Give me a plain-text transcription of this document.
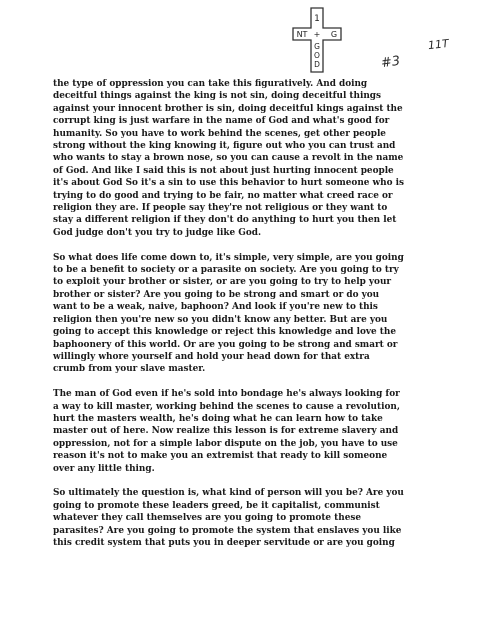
1
NT	G
+
G
O
D
11T
#3

the type of oppression you can take this figuratively. And doing
deceitful things against the king is not sin, doing deceitful things
against your innocent brother is sin, doing deceitful kings against the
corrupt king is just warfare in the name of God and what's good for
humanity. So you have to work behind the scenes, get other people
strong without the king knowing it, figure out who you can trust and
who wants to stay a brown nose, so you can cause a revolt in the name
of God. And like I said this is not about just hurting innocent people
it's about God So it's a sin to use this behavior to hurt someone who is
trying to do good and trying to be fair, no matter what creed race or
religion they are. If people say they're not religious or they want to
stay a different religion if they don't do anything to hurt you then let
God judge don't you try to judge like God.

So what does life come down to, it's simple, very simple, are you going
to be a benefit to society or a parasite on society. Are you going to try
to exploit your brother or sister, or are you going to try to help your
brother or sister? Are you going to be strong and smart or do you
want to be a weak, naive, baphoon? And look if you're new to this
religion then you're new so you didn't know any better. But are you
going to accept this knowledge or reject this knowledge and love the
baphoonery of this world. Or are you going to be strong and smart or
willingly whore yourself and hold your head down for that extra
crumb from your slave master.

The man of God even if he's sold into bondage he's always looking for
a way to kill master, working behind the scenes to cause a revolution,
hurt the masters wealth, he's doing what he can learn how to take
master out of here. Now realize this lesson is for extreme slavery and
oppression, not for a simple labor dispute on the job, you have to use
reason it's not to make you an extremist that ready to kill someone
over any little thing.

So ultimately the question is, what kind of person will you be? Are you
going to promote these leaders greed, be it capitalist, communist
whatever they call themselves are you going to promote these
parasites? Are you going to promote the system that enslaves you like
this credit system that puts you in deeper servitude or are you going
